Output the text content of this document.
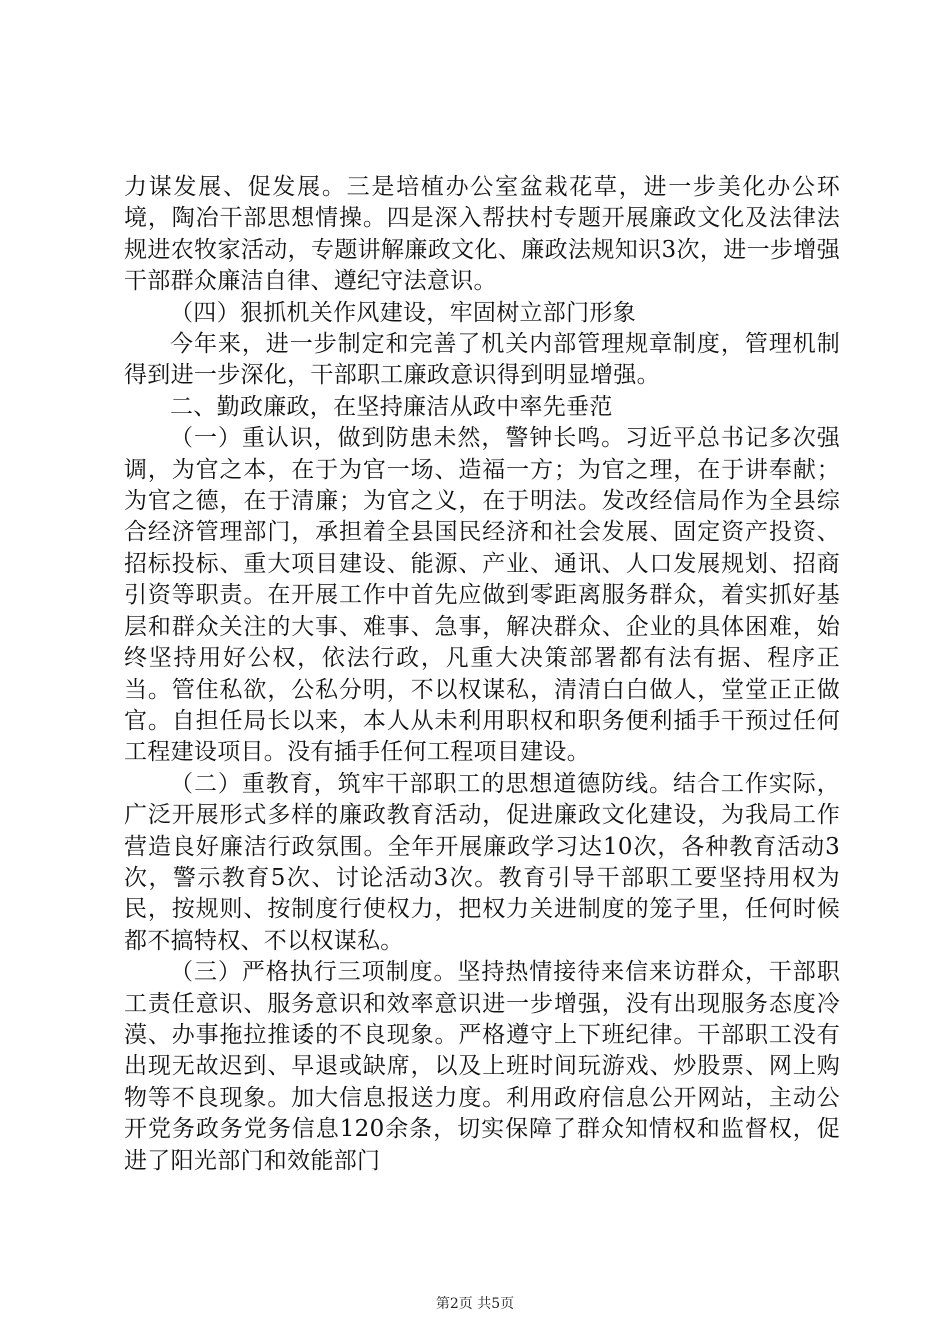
力谋发展、促发展。三是培植办公室盆栽花草，进一步美化办公环境，陶冶干部思想情操。四是深入帮扶村专题开展廉政文化及法律法规进农牧家活动，专题讲解廉政文化、廉政法规知识3次，进一步增强干部群众廉洁自律、遵纪守法意识。

（四）狠抓机关作风建设，牢固树立部门形象

今年来，进一步制定和完善了机关内部管理规章制度，管理机制得到进一步深化，干部职工廉政意识得到明显增强。

二、勤政廉政，在坚持廉洁从政中率先垂范

（一）重认识，做到防患未然，警钟长鸣。习近平总书记多次强调，为官之本，在于为官一场、造福一方；为官之理，在于讲奉献；为官之德，在于清廉；为官之义，在于明法。发改经信局作为全县综合经济管理部门，承担着全县国民经济和社会发展、固定资产投资、招标投标、重大项目建设、能源、产业、通讯、人口发展规划、招商引资等职责。在开展工作中首先应做到零距离服务群众，着实抓好基层和群众关注的大事、难事、急事，解决群众、企业的具体困难，始终坚持用好公权，依法行政，凡重大决策部署都有法有据、程序正当。管住私欲，公私分明，不以权谋私，清清白白做人，堂堂正正做官。自担任局长以来，本人从未利用职权和职务便利插手干预过任何工程建设项目。没有插手任何工程项目建设。

（二）重教育，筑牢干部职工的思想道德防线。结合工作实际，广泛开展形式多样的廉政教育活动，促进廉政文化建设，为我局工作营造良好廉洁行政氛围。全年开展廉政学习达10次，各种教育活动3次，警示教育5次、讨论活动3次。教育引导干部职工要坚持用权为民，按规则、按制度行使权力，把权力关进制度的笼子里，任何时候都不搞特权、不以权谋私。

（三）严格执行三项制度。坚持热情接待来信来访群众，干部职工责任意识、服务意识和效率意识进一步增强，没有出现服务态度冷漠、办事拖拉推诿的不良现象。严格遵守上下班纪律。干部职工没有出现无故迟到、早退或缺席，以及上班时间玩游戏、炒股票、网上购物等不良现象。加大信息报送力度。利用政府信息公开网站，主动公开党务政务党务信息120余条，切实保障了群众知情权和监督权，促进了阳光部门和效能部门

第2页 共5页
